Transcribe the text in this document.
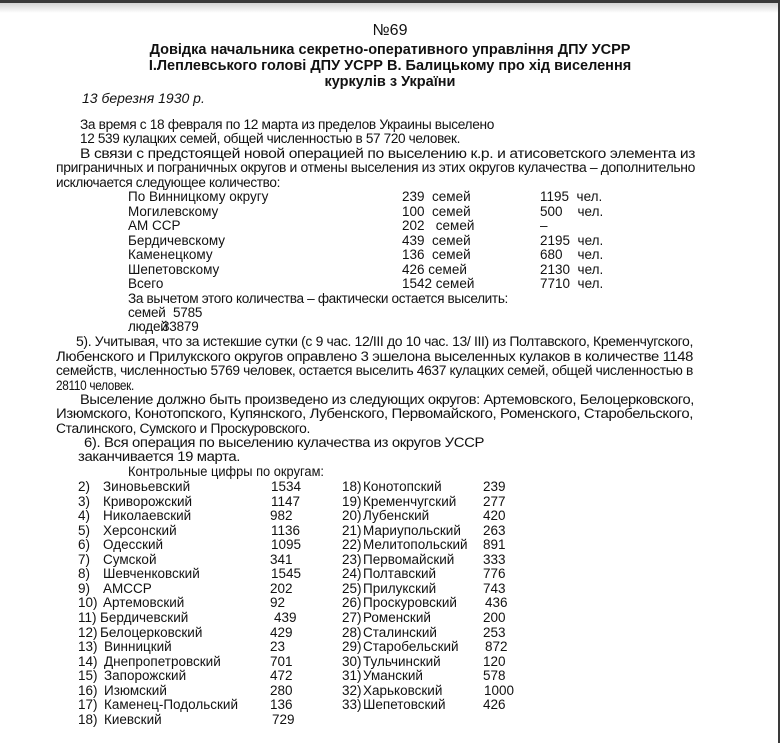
№69
Довідка начальника секретно-оперативного управління ДПУ УСРР
І.Леплевського голові ДПУ УСРР В. Балицькому про хід виселення
куркулів з України
13 березня 1930 р.
За время с 18 февраля по 12 марта из пределов Украины выселено
12 539 кулацких семей, общей численностью в 57 720 человек.
В связи с предстоящей новой операцией по выселению к.р. и атисоветского элемента из
приграничных и пограничных округов и отмены выселения из этих округов кулачества – дополнительно
исключается следующее количество:
По Винницкому округу	239  семей	1195  чел.
Могилевскому	100  семей	500    чел.
АМ ССР	202   семей	–
Бердичевскому	439  семей	2195  чел.
Каменецкому	136  семей	680    чел.
Шепетовскому	426 семей	2130  чел.
Всего	1542 семей	7710  чел.
За вычетом этого количества – фактически остается выселить:
семей 5785
людей
33879
5). Учитывая, что за истекшие сутки (с 9 час. 12/III до 10 час. 13/ III) из Полтавского, Кременчугского,
Любенского и Прилукского округов оправлено 3 эшелона выселенных кулаков в количестве 1148
семейств, численностью 5769 человек, остается выселить 4637 кулацких семей, общей численностью в
28110 человек.
Выселение должно быть произведено из следующих округов: Артемовского, Белоцерковского,
Изюмского, Конотопского, Купянского, Лубенского, Первомайского, Роменского, Старобельского,
Сталинского, Сумского и Проскуровского.
6). Вся операция по выселению кулачества из округов УССР
заканчивается 19 марта.
Контрольные цифры по округам:
2) Зиновьевский	1534
3) Криворожский	1147
4) Николаевский	982
5) Херсонский	1136
6) Одесский	1095
7) Сумской	341
8) Шевченковский	1545
9) АМССР	202
10) Артемовский	92
11) Бердичевский	439
12) Белоцерковский	429
13) Винницкий	23
14) Днепропетровский	701
15) Запорожский	472
16) Изюмский	280
17) Каменец-Подольский 136
18) Киевский	729
18) Конотопский	239
19) Кременчугский 277
20) Лубенский	420
21) Мариупольский 263
22) Мелитопольский 891
23) Первомайский 333
24) Полтавский	776
25) Прилукский	743
26) Проскуровский 436
27) Роменский	200
28) Сталинский	253
29) Старобельский 872
30) Тульчинский	120
31) Уманский	578
32) Харьковский	1000
33) Шепетовский	426
